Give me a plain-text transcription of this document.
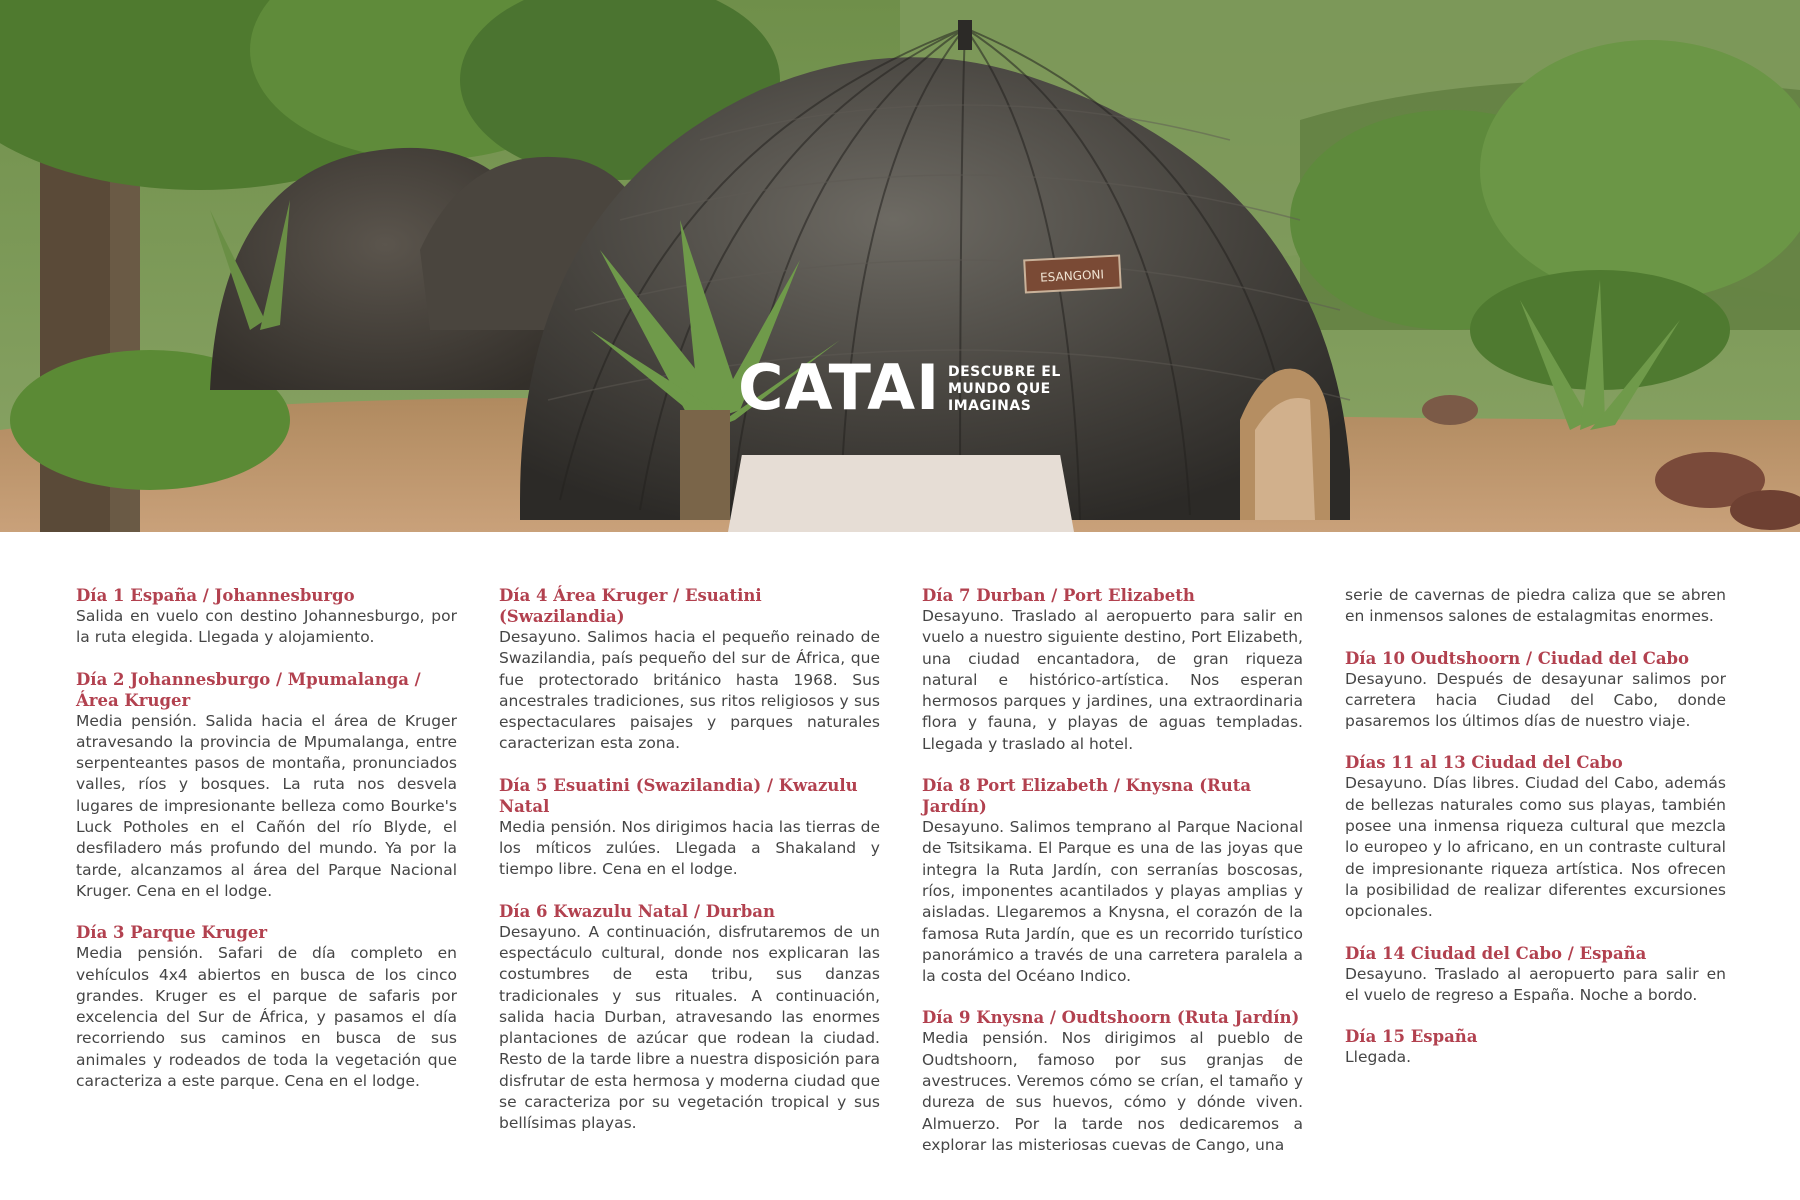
ESANGONI
CATAI DESCUBRE EL
MUNDO QUE
IMAGINAS
Día 1 España / Johannesburgo

Salida en vuelo con destino Johannesburgo, por la ruta elegida. Llegada y alojamiento.

Día 2 Johannesburgo / Mpumalanga / Área Kruger

Media pensión. Salida hacia el área de Kruger atravesando la provincia de Mpumalanga, entre serpenteantes pasos de montaña, pronunciados valles, ríos y bosques. La ruta nos desvela lugares de impresionante belleza como Bourke's Luck Potholes en el Cañón del río Blyde, el desfiladero más profundo del mundo. Ya por la tarde, alcanzamos al área del Parque Nacional Kruger. Cena en el lodge.

Día 3 Parque Kruger

Media pensión. Safari de día completo en vehículos 4x4 abiertos en busca de los cinco grandes. Kruger es el parque de safaris por excelencia del Sur de África, y pasamos el día recorriendo sus caminos en busca de sus animales y rodeados de toda la vegetación que caracteriza a este parque. Cena en el lodge.

Día 4 Área Kruger / Esuatini (Swazilandia)

Desayuno. Salimos hacia el pequeño reinado de Swazilandia, país pequeño del sur de África, que fue protectorado británico hasta 1968. Sus ancestrales tradiciones, sus ritos religiosos y sus espectaculares paisajes y parques naturales caracterizan esta zona.

Día 5 Esuatini (Swazilandia) / Kwazulu Natal

Media pensión. Nos dirigimos hacia las tierras de los míticos zulúes. Llegada a Shakaland y tiempo libre. Cena en el lodge.

Día 6 Kwazulu Natal / Durban

Desayuno. A continuación, disfrutaremos de un espectáculo cultural, donde nos explicaran las costumbres de esta tribu, sus danzas tradicionales y sus rituales. A continuación, salida hacia Durban, atravesando las enormes plantaciones de azúcar que rodean la ciudad. Resto de la tarde libre a nuestra disposición para disfrutar de esta hermosa y moderna ciudad que se caracteriza por su vegetación tropical y sus bellísimas playas.

Día 7 Durban / Port Elizabeth

Desayuno. Traslado al aeropuerto para salir en vuelo a nuestro siguiente destino, Port Elizabeth, una ciudad encantadora, de gran riqueza natural e histórico-artística. Nos esperan hermosos parques y jardines, una extraordinaria flora y fauna, y playas de aguas templadas. Llegada y traslado al hotel.

Día 8 Port Elizabeth / Knysna (Ruta Jardín)

Desayuno. Salimos temprano al Parque Nacional de Tsitsikama. El Parque es una de las joyas que integra la Ruta Jardín, con serranías boscosas, ríos, imponentes acantilados y playas amplias y aisladas. Llegaremos a Knysna, el corazón de la famosa Ruta Jardín, que es un recorrido turístico panorámico a través de una carretera paralela a la costa del Océano Indico.

Día 9 Knysna / Oudtshoorn (Ruta Jardín)

Media pensión. Nos dirigimos al pueblo de Oudtshoorn, famoso por sus granjas de avestruces. Veremos cómo se crían, el tamaño y dureza de sus huevos, cómo y dónde viven. Almuerzo. Por la tarde nos dedicaremos a explorar las misteriosas cuevas de Cango, una

serie de cavernas de piedra caliza que se abren en inmensos salones de estalagmitas enormes.

Día 10 Oudtshoorn / Ciudad del Cabo

Desayuno. Después de desayunar salimos por carretera hacia Ciudad del Cabo, donde pasaremos los últimos días de nuestro viaje.

Días 11 al 13 Ciudad del Cabo

Desayuno. Días libres. Ciudad del Cabo, además de bellezas naturales como sus playas, también posee una inmensa riqueza cultural que mezcla lo europeo y lo africano, en un contraste cultural de impresionante riqueza artística. Nos ofrecen la posibilidad de realizar diferentes excursiones opcionales.

Día 14 Ciudad del Cabo / España

Desayuno. Traslado al aeropuerto para salir en el vuelo de regreso a España. Noche a bordo.

Día 15 España

Llegada.
